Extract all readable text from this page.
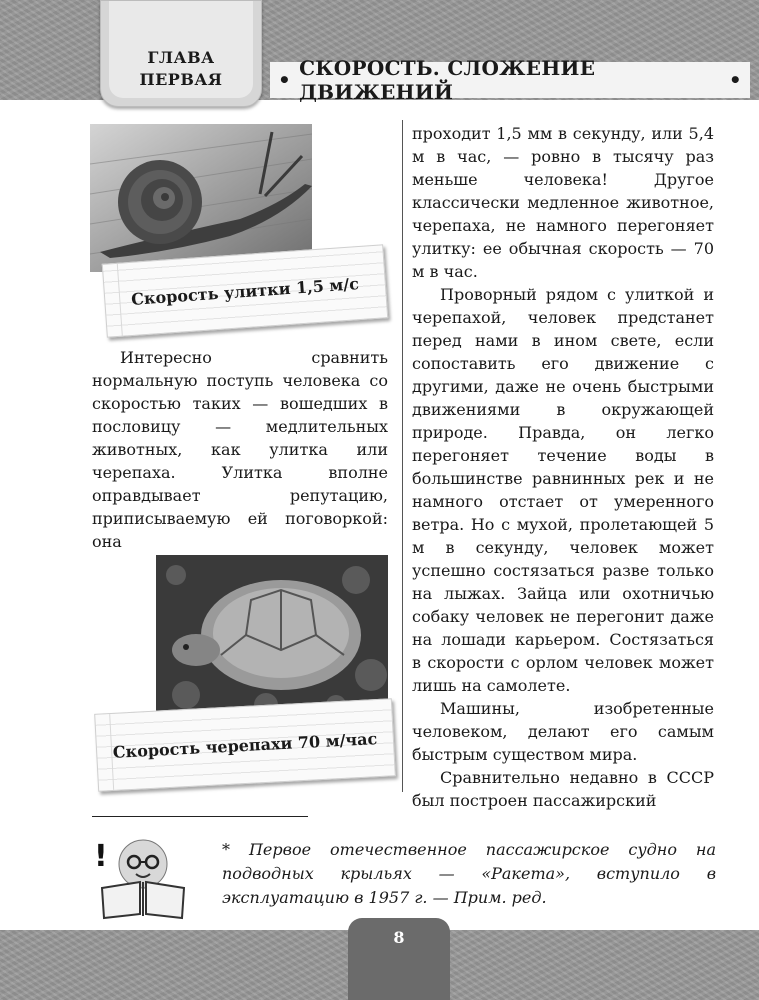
ГЛАВА
ПЕРВАЯ	• СКОРОСТЬ. СЛОЖЕНИЕ ДВИЖЕНИЙ	•
Скорость улитки 1,5 м/с

Интересно сравнить нормальную поступь человека со скоростью таких — вошедших в пословицу — медлительных животных, как улитка или черепаха. Улитка вполне оправдывает репутацию, приписываемую ей поговоркой: она

Скорость черепахи 70 м/час

проходит 1,5 мм в секунду, или 5,4 м в час, — ровно в тысячу раз меньше человека! Другое классически медленное животное, черепаха, не намного перегоняет улитку: ее обычная скорость — 70 м в час.

Проворный рядом с улиткой и черепахой, человек предстанет перед нами в ином свете, если сопоставить его движение с другими, даже не очень быстрыми движениями в окружающей природе. Правда, он легко перегоняет течение воды в большинстве равнинных рек и не намного отстает от умеренного ветра. Но с мухой, пролетающей 5 м в секунду, человек может успешно состязаться разве только на лыжах. Зайца или охотничью собаку человек не перегонит даже на лошади карьером. Состязаться в скорости с орлом человек может лишь на самолете.

Машины, изобретенные человеком, делают его самым быстрым существом мира.

Сравнительно недавно в СССР был построен пассажирский

!	* Первое отечественное пассажирское судно на подводных крыльях — «Ракета», вступило в эксплуатацию в 1957 г. — Прим. ред.
8
